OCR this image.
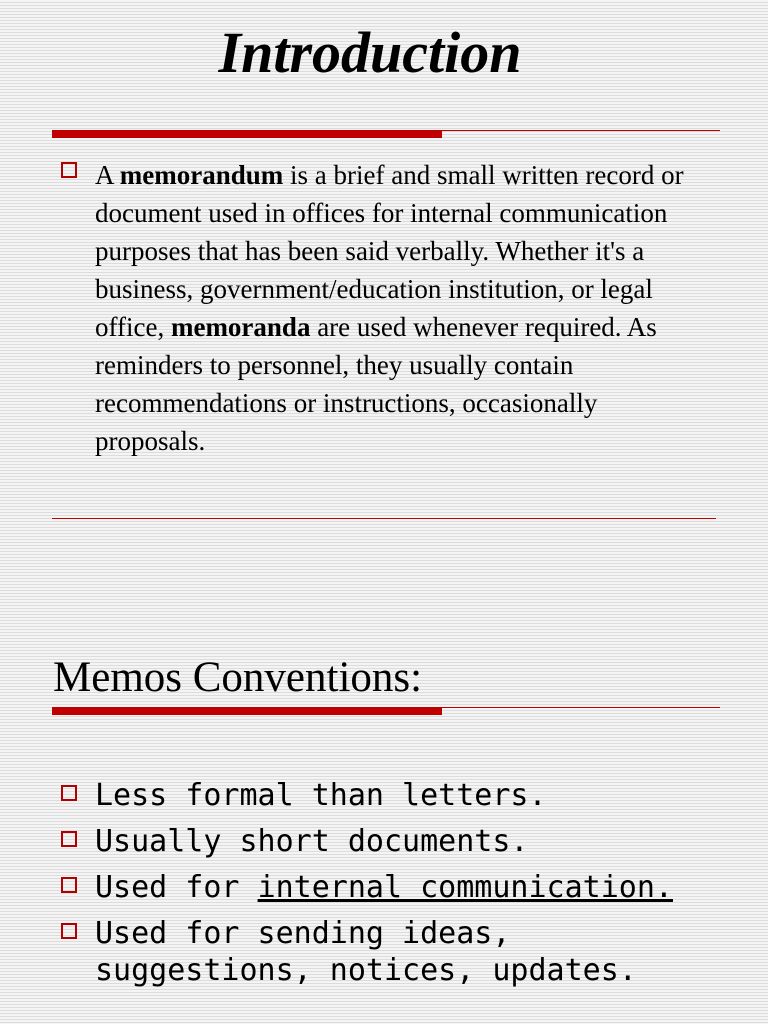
Introduction
A memorandum is a brief and small written record or document used in offices for internal communication purposes that has been said verbally. Whether it's a business, government/education institution, or legal office, memoranda are used whenever required. As reminders to personnel, they usually contain recommendations or instructions, occasionally proposals.
Memos Conventions:
Less formal than letters.
Usually short documents.
Used for internal communication.
Used for sending ideas, suggestions, notices, updates.
